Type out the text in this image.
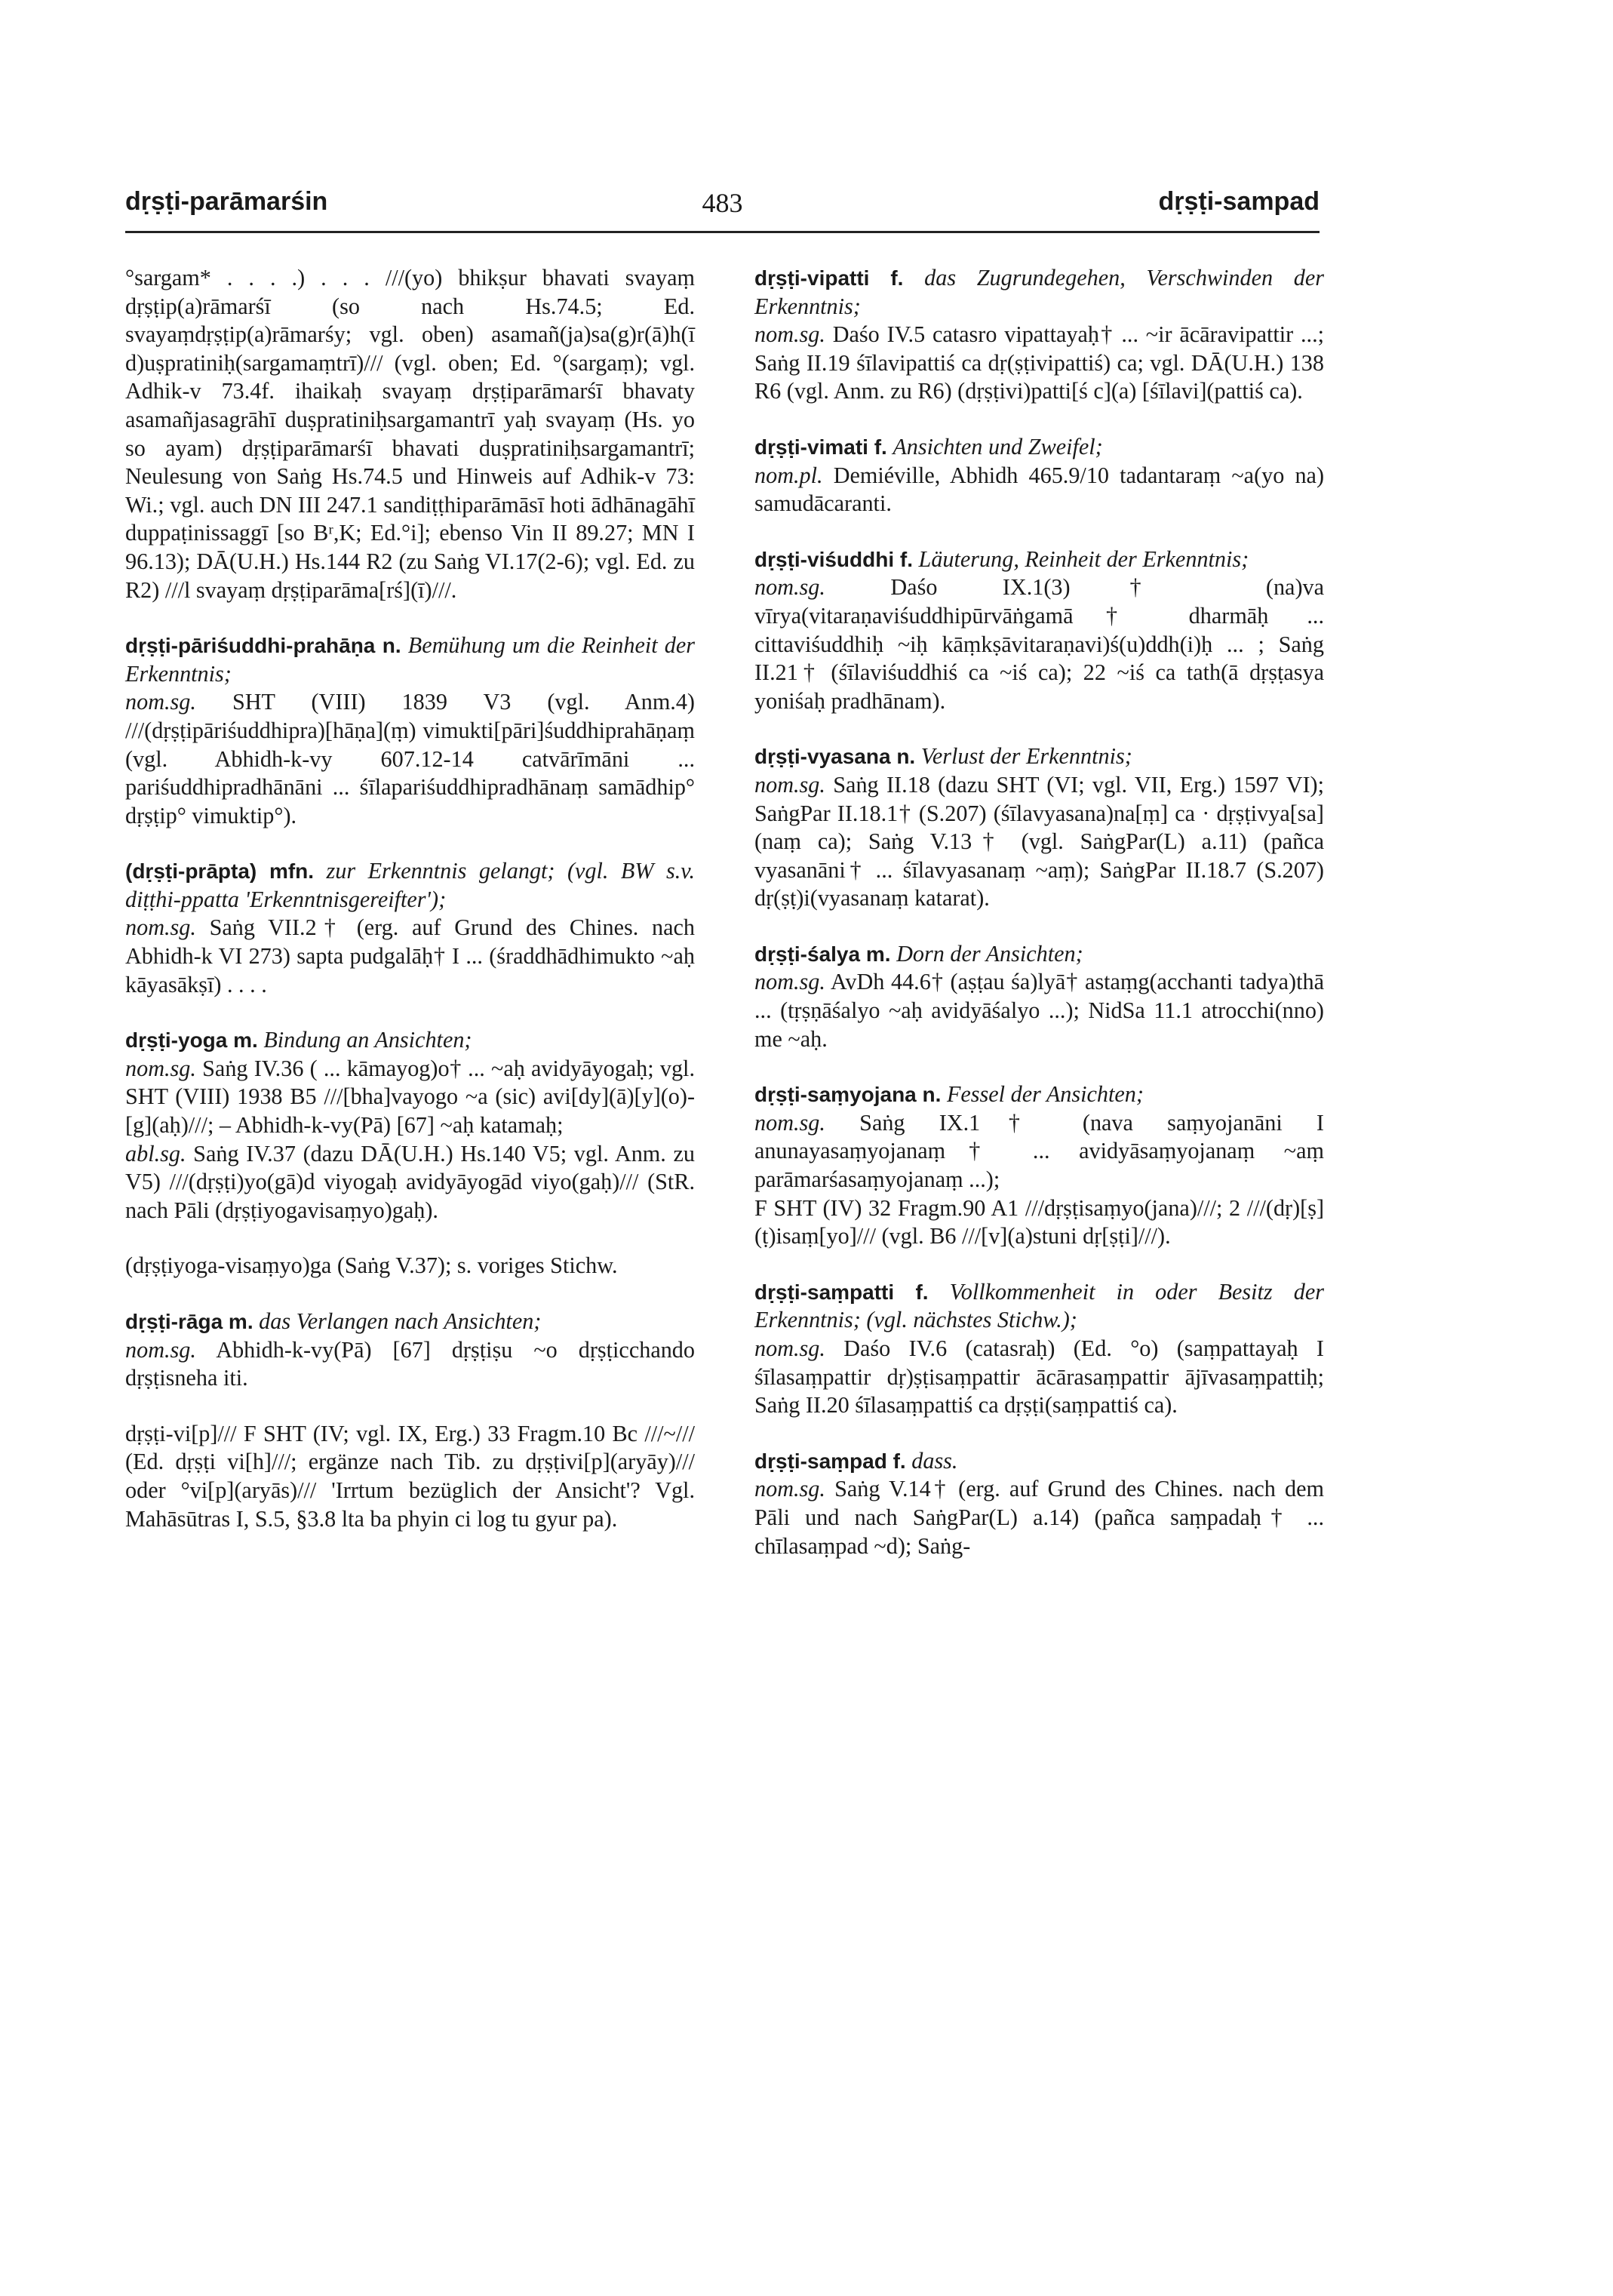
dṛṣṭi-parāmarśin	483	dṛṣṭi-sampad

°sargam* . . . .) . . . ///(yo) bhikṣur bhavati svayaṃ dṛṣṭip(a)rāmarśī (so nach Hs.74.5; Ed. svayaṃdṛṣṭip(a)rāmarśy; vgl. oben) asamañ(ja)sa(g)r(ā)h(ī d)uṣpratiniḥ(sargamaṃtrī)/// (vgl. oben; Ed. °(sargaṃ); vgl. Adhik-v 73.4f. ihaikaḥ svayaṃ dṛṣṭiparāmarśī bhavaty asamañjasagrāhī duṣpratiniḥsargamantrī yaḥ svayaṃ (Hs. yo so ayam) dṛṣṭiparāmarśī bhavati duṣpratiniḥsargamantrī; Neulesung von Saṅg Hs.74.5 und Hinweis auf Adhik-v 73: Wi.; vgl. auch DN III 247.1 sandiṭṭhiparāmāsī hoti ādhānagāhī duppaṭinissaggī [so Bʳ,K; Ed.°i]; ebenso Vin II 89.27; MN I 96.13); DĀ(U.H.) Hs.144 R2 (zu Saṅg VI.17(2-6); vgl. Ed. zu R2) ///l svayaṃ dṛṣṭiparāma[rś](ī)///.

dṛṣṭi-pāriśuddhi-prahāṇa n. Bemühung um die Reinheit der Erkenntnis;

nom.sg. SHT (VIII) 1839 V3 (vgl. Anm.4) ///(dṛṣṭipāriśuddhipra)[hāṇa](ṃ) vimukti[pāri]śuddhiprahāṇaṃ (vgl. Abhidh-k-vy 607.12-14 catvārīmāni ... pariśuddhipradhānāni ... śīlapariśuddhipradhānaṃ samādhip° dṛṣṭip° vimuktip°).

(dṛṣṭi-prāpta) mfn. zur Erkenntnis gelangt; (vgl. BW s.v. diṭṭhi-ppatta 'Erkenntnisgereifter');

nom.sg. Saṅg VII.2† (erg. auf Grund des Chines. nach Abhidh-k VI 273) sapta pudgalāḥ† I ... (śraddhādhimukto ~aḥ kāyasākṣī) . . . .

dṛṣṭi-yoga m. Bindung an Ansichten;

nom.sg. Saṅg IV.36 ( ... kāmayog)o† ... ~aḥ avidyāyogaḥ; vgl. SHT (VIII) 1938 B5 ///[bha]vayogo ~a (sic) avi[dy](ā)[y](o)-[g](aḥ)///; – Abhidh-k-vy(Pā) [67] ~aḥ katamaḥ;

abl.sg. Saṅg IV.37 (dazu DĀ(U.H.) Hs.140 V5; vgl. Anm. zu V5) ///(dṛṣṭi)yo(gā)d viyogaḥ avidyāyogād viyo(gaḥ)/// (StR. nach Pāli (dṛṣṭiyogavisaṃyo)gaḥ).

(dṛṣṭiyoga-visaṃyo)ga (Saṅg V.37); s. voriges Stichw.

dṛṣṭi-rāga m. das Verlangen nach Ansichten;

nom.sg. Abhidh-k-vy(Pā) [67] dṛṣṭiṣu ~o dṛṣṭicchando dṛṣṭisneha iti.

dṛṣṭi-vi[p]/// F SHT (IV; vgl. IX, Erg.) 33 Fragm.10 Bc ///~/// (Ed. dṛṣṭi vi[h]///; ergänze nach Tib. zu dṛṣṭivi[p](aryāy)/// oder °vi[p](aryās)/// 'Irrtum bezüglich der Ansicht'? Vgl. Mahāsūtras I, S.5, §3.8 lta ba phyin ci log tu gyur pa).

dṛṣṭi-vipatti f. das Zugrundegehen, Verschwinden der Erkenntnis;

nom.sg. Daśo IV.5 catasro vipattayaḥ† ... ~ir ācāravipattir ...; Saṅg II.19 śīlavipattiś ca dṛ(ṣṭivipattiś) ca; vgl. DĀ(U.H.) 138 R6 (vgl. Anm. zu R6) (dṛṣṭivi)patti[ś c](a) [śīlavi](pattiś ca).

dṛṣṭi-vimati f. Ansichten und Zweifel;

nom.pl. Demiéville, Abhidh 465.9/10 tadantaraṃ ~a(yo na) samudācaranti.

dṛṣṭi-viśuddhi f. Läuterung, Reinheit der Erkenntnis;

nom.sg. Daśo IX.1(3)† (na)va vīrya(vitaraṇaviśuddhipūrvāṅgamā† dharmāḥ ... cittaviśuddhiḥ ~iḥ kāṃkṣāvitaraṇavi)ś(u)ddh(i)ḥ ... ; Saṅg II.21† (śīlaviśuddhiś ca ~iś ca); 22 ~iś ca tath(ā dṛṣṭasya yoniśaḥ pradhānam).

dṛṣṭi-vyasana n. Verlust der Erkenntnis;

nom.sg. Saṅg II.18 (dazu SHT (VI; vgl. VII, Erg.) 1597 VI); SaṅgPar II.18.1† (S.207) (śīlavyasana)na[ṃ] ca · dṛṣṭivya[sa](naṃ ca); Saṅg V.13† (vgl. SaṅgPar(L) a.11) (pañca vyasanāni† ... śīlavyasanaṃ ~aṃ); SaṅgPar II.18.7 (S.207) dṛ(ṣṭ)i(vyasanaṃ katarat).

dṛṣṭi-śalya m. Dorn der Ansichten;

nom.sg. AvDh 44.6† (aṣṭau śa)lyā† astaṃg(acchanti tadya)thā ... (tṛṣṇāśalyo ~aḥ avidyāśalyo ...); NidSa 11.1 atrocchi(nno) me ~aḥ.

dṛṣṭi-saṃyojana n. Fessel der Ansichten;

nom.sg. Saṅg IX.1† (nava saṃyojanāni I anunayasaṃyojanaṃ† ... avidyāsaṃyojanaṃ ~aṃ parāmarśasaṃyojanaṃ ...);

F SHT (IV) 32 Fragm.90 A1 ///dṛṣṭisaṃyo(jana)///; 2 ///(dṛ)[ṣ](ṭ)isaṃ[yo]/// (vgl. B6 ///[v](a)stuni dṛ[ṣṭi]///).

dṛṣṭi-saṃpatti f. Vollkommenheit in oder Besitz der Erkenntnis; (vgl. nächstes Stichw.);

nom.sg. Daśo IV.6 (catasraḥ) (Ed. °o) (saṃpattayaḥ I śīlasaṃpattir dṛ)ṣṭisaṃpattir ācārasaṃpattir ājīvasaṃpattiḥ; Saṅg II.20 śīlasaṃpattiś ca dṛṣṭi(saṃpattiś ca).

dṛṣṭi-saṃpad f. dass.

nom.sg. Saṅg V.14† (erg. auf Grund des Chines. nach dem Pāli und nach SaṅgPar(L) a.14) (pañca saṃpadaḥ† ... chīlasaṃpad ~d); Saṅg-
